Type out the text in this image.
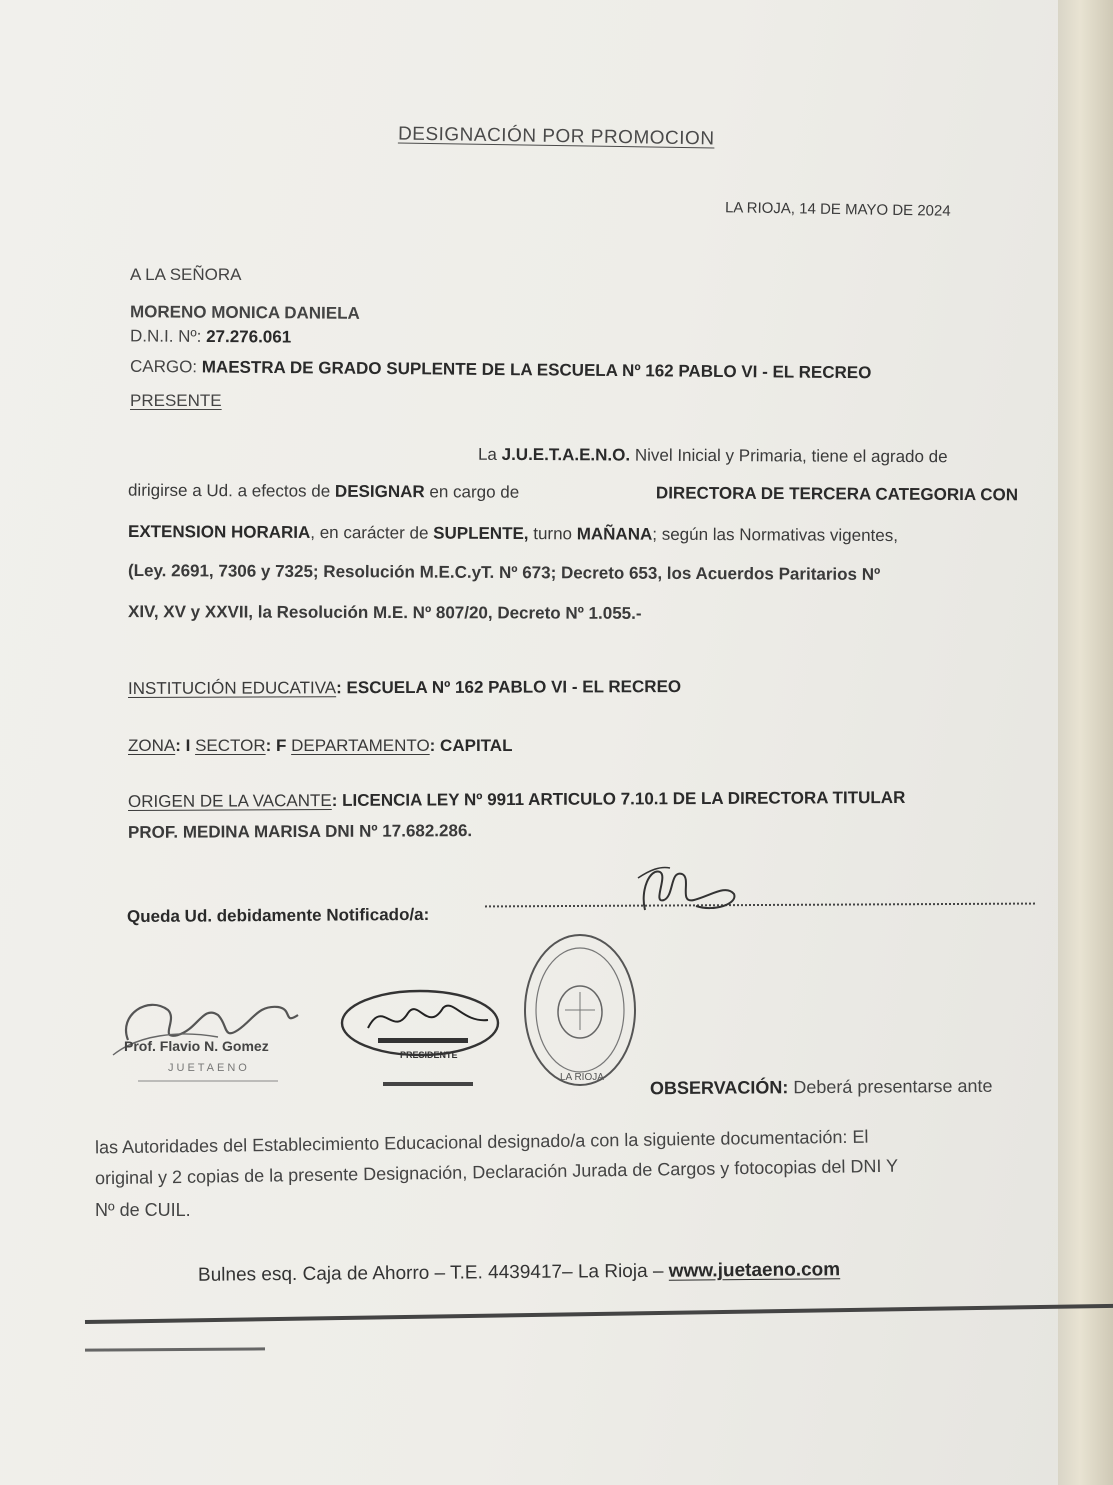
DESIGNACIÓN POR PROMOCION
LA RIOJA, 14 DE MAYO DE 2024
A LA SEÑORA
MORENO MONICA DANIELA
D.N.I. Nº: 27.276.061
CARGO: MAESTRA DE GRADO SUPLENTE DE LA ESCUELA Nº 162 PABLO VI - EL RECREO
PRESENTE
La J.U.E.T.A.E.N.O. Nivel Inicial y Primaria, tiene el agrado de
dirigirse a Ud. a efectos de DESIGNAR en cargo de	DIRECTORA DE TERCERA CATEGORIA CON
EXTENSION HORARIA, en carácter de SUPLENTE, turno MAÑANA; según las Normativas vigentes,
(Ley. 2691, 7306 y 7325; Resolución M.E.C.yT. Nº 673; Decreto 653, los Acuerdos Paritarios Nº
XIV, XV y XXVII, la Resolución M.E. Nº 807/20, Decreto Nº 1.055.-
INSTITUCIÓN EDUCATIVA: ESCUELA Nº 162 PABLO VI - EL RECREO
ZONA: I SECTOR: F DEPARTAMENTO: CAPITAL
ORIGEN DE LA VACANTE: LICENCIA LEY Nº 9911 ARTICULO 7.10.1 DE LA DIRECTORA TITULAR
PROF. MEDINA MARISA DNI Nº 17.682.286.
Queda Ud. debidamente Notificado/a:
Prof. Flavio N. Gomez
JUETAENO
PRESIDENTE
LA RIOJA	OBSERVACIÓN: Deberá presentarse ante
las Autoridades del Establecimiento Educacional designado/a con la siguiente documentación: El
original y 2 copias de la presente Designación, Declaración Jurada de Cargos y fotocopias del DNI Y
Nº de CUIL.
Bulnes esq. Caja de Ahorro – T.E. 4439417– La Rioja – www.juetaeno.com
